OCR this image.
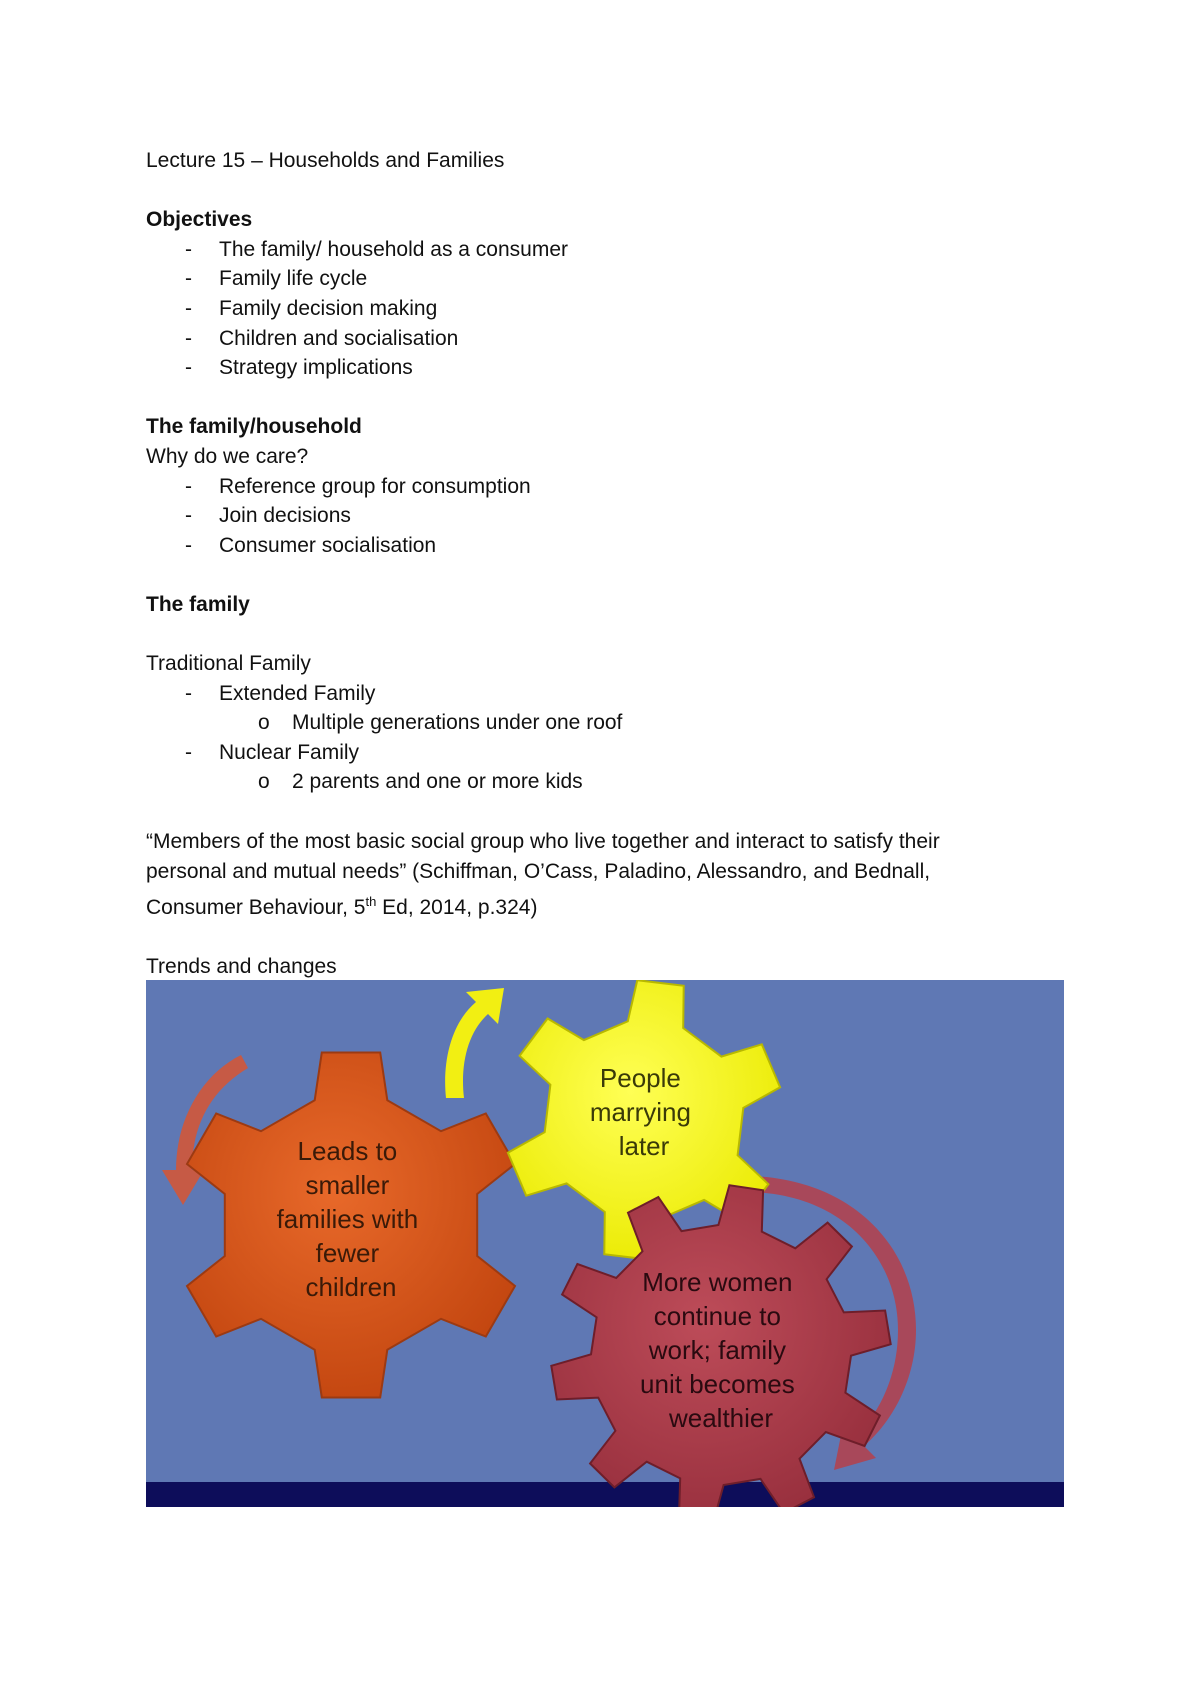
Lecture 15 – Households and Families

Objectives

- The family/ household as a consumer
- Family life cycle
- Family decision making
- Children and socialisation
- Strategy implications

The family/household

Why do we care?

- Reference group for consumption
- Join decisions
- Consumer socialisation

The family

Traditional Family

- Extended Family
o Multiple generations under one roof
- Nuclear Family
o 2 parents and one or more kids

“Members of the most basic social group who live together and interact to satisfy their

personal and mutual needs” (Schiffman, O’Cass, Paladino, Alessandro, and Bednall,

Consumer Behaviour, 5th Ed, 2014, p.324)

Trends and changes

Leads to smaller families with fewer children
People marrying later
More women continue to work; family unit becomes wealthier
